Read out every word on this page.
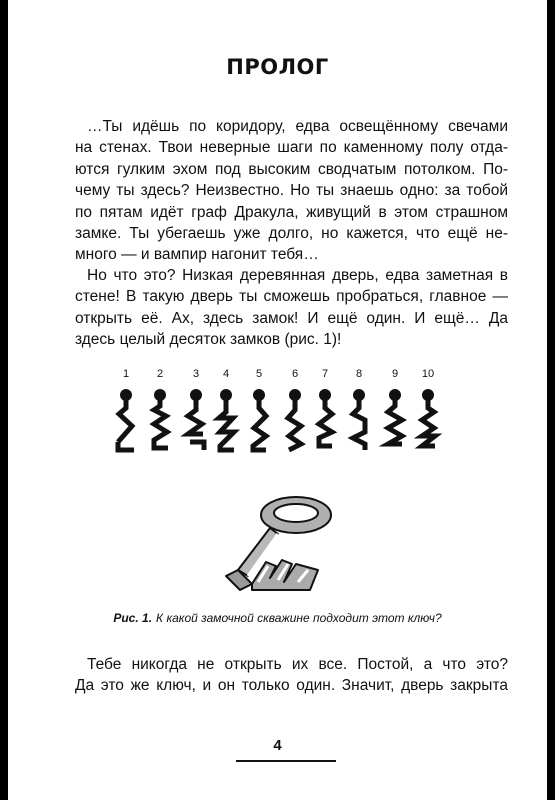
ПРОЛОГ

…Ты идёшь по коридору, едва освещённому свечами
на стенах. Твои неверные шаги по каменному полу отда-
ются гулким эхом под высоким сводчатым потолком. По-
чему ты здесь? Неизвестно. Но ты знаешь одно: за тобой
по пятам идёт граф Дракула, живущий в этом страшном
замке. Ты убегаешь уже долго, но кажется, что ещё не-
много — и вампир нагонит тебя…

Но что это? Низкая деревянная дверь, едва заметная в
стене! В такую дверь ты сможешь пробраться, главное —
открыть её. Ах, здесь замок! И ещё один. И ещё… Да
здесь целый десяток замков (рис. 1)!

1	2	3 4 5	6 7	8	9 10
Рис. 1. К какой замочной скважине подходит этот ключ?

Тебе никогда не открыть их все. Постой, а что это?
Да это же ключ, и он только один. Значит, дверь закрыта

4
